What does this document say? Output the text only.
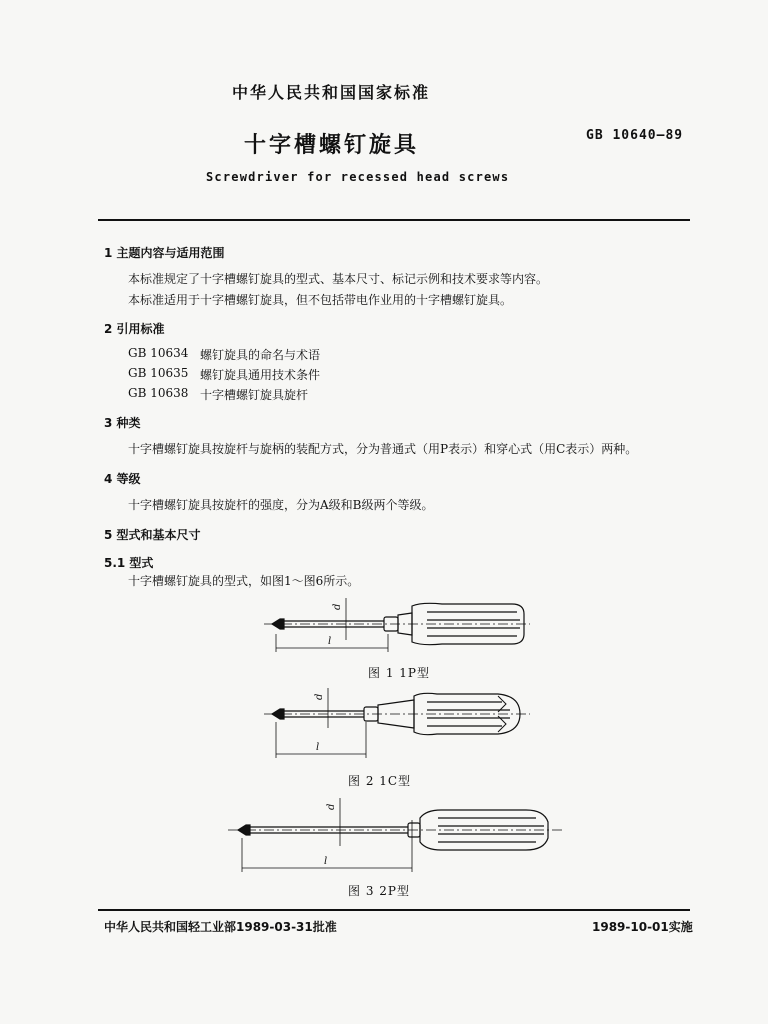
中华人民共和国国家标准
十字槽螺钉旋具	GB 10640—89
Screwdriver for recessed head screws
1 主题内容与适用范围
本标准规定了十字槽螺钉旋具的型式、基本尺寸、标记示例和技术要求等内容。
本标准适用于十字槽螺钉旋具，但不包括带电作业用的十字槽螺钉旋具。
2 引用标准
GB 10634 螺钉旋具的命名与术语
GB 10635 螺钉旋具通用技术条件
GB 10638 十字槽螺钉旋具旋杆
3 种类
十字槽螺钉旋具按旋杆与旋柄的装配方式，分为普通式（用P表示）和穿心式（用C表示）两种。
4 等级
十字槽螺钉旋具按旋杆的强度，分为A级和B级两个等级。
5 型式和基本尺寸
5.1 型式
十字槽螺钉旋具的型式，如图1～图6所示。
d
l
图 1 1P型
d
l
图 2 1C型
d
l
图 3 2P型
中华人民共和国轻工业部1989-03-31批准	1989-10-01实施
